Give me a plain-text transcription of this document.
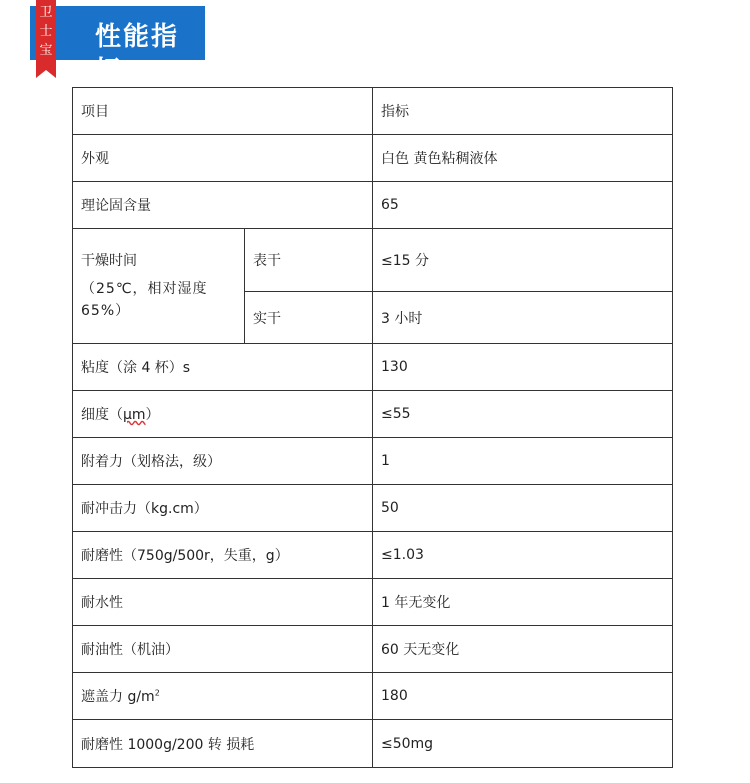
性能指标
卫
士
宝
项目		指标
外观		白色 黄色粘稠液体
理论固含量		65
干燥时间
（25℃，相对湿度65%）	表干	≤15 分
	实干	3 小时
粘度（涂 4 杯）s		130
细度（μm）		≤55
附着力（划格法，级）		1
耐冲击力（kg.cm）		50
耐磨性（750g/500r，失重，g）		≤1.03
耐水性		1 年无变化
耐油性（机油）		60 天无变化
遮盖力 $g/m^2$		180
耐磨性 1000g/200 转 损耗		≤50mg
